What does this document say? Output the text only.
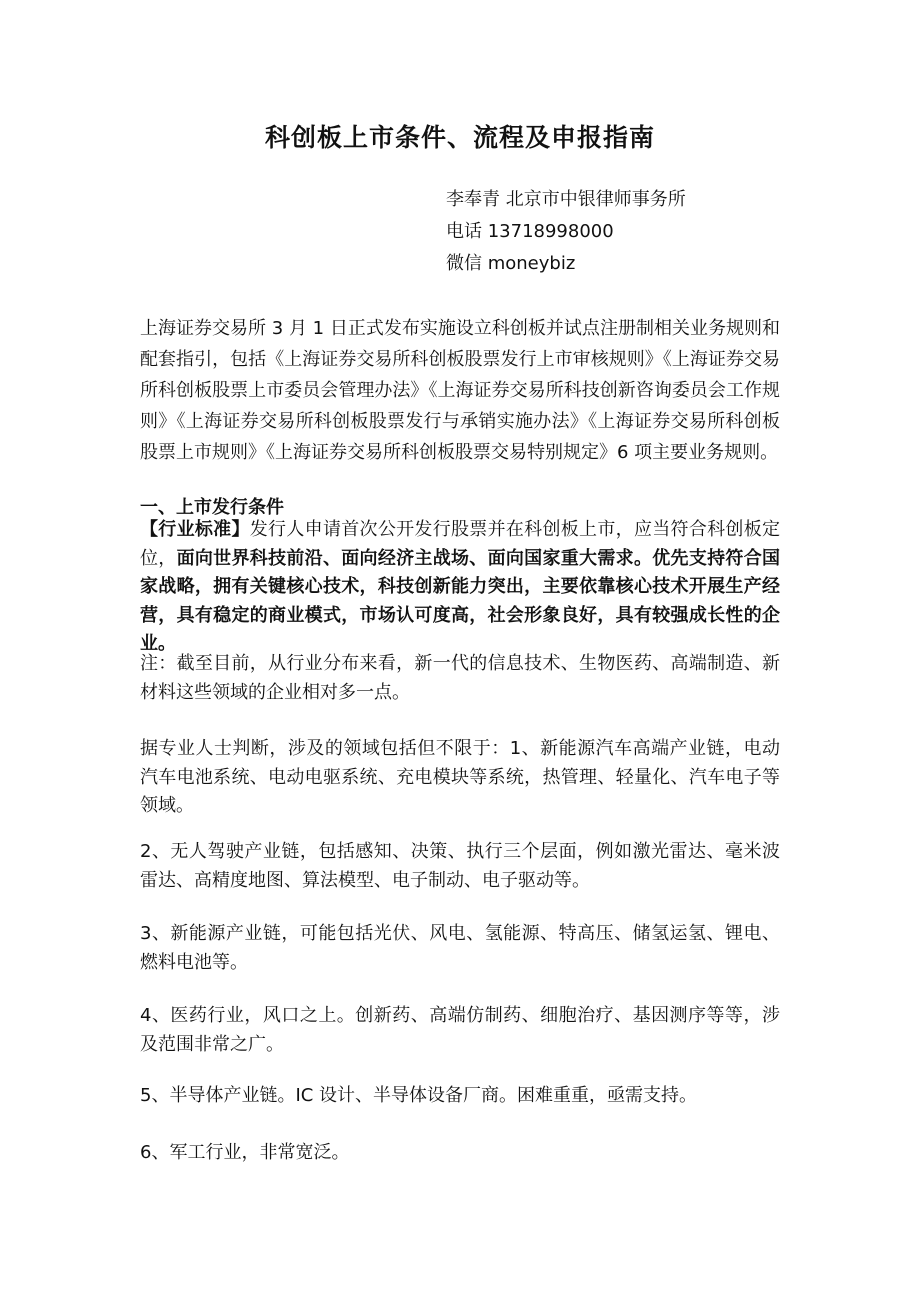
科创板上市条件、流程及申报指南
李奉青 北京市中银律师事务所
电话 13718998000
微信 moneybiz

上海证券交易所 3 月 1 日正式发布实施设立科创板并试点注册制相关业务规则和配套指引，包括《上海证券交易所科创板股票发行上市审核规则》《上海证券交易所科创板股票上市委员会管理办法》《上海证券交易所科技创新咨询委员会工作规则》《上海证券交易所科创板股票发行与承销实施办法》《上海证券交易所科创板股票上市规则》《上海证券交易所科创板股票交易特别规定》6 项主要业务规则。

一、上市发行条件

【行业标准】发行人申请首次公开发行股票并在科创板上市，应当符合科创板定位，面向世界科技前沿、面向经济主战场、面向国家重大需求。优先支持符合国家战略，拥有关键核心技术，科技创新能力突出，主要依靠核心技术开展生产经营，具有稳定的商业模式，市场认可度高，社会形象良好，具有较强成长性的企业。

注：截至目前，从行业分布来看，新一代的信息技术、生物医药、高端制造、新材料这些领域的企业相对多一点。

据专业人士判断，涉及的领域包括但不限于：1、新能源汽车高端产业链，电动汽车电池系统、电动电驱系统、充电模块等系统，热管理、轻量化、汽车电子等领域。

2、无人驾驶产业链，包括感知、决策、执行三个层面，例如激光雷达、毫米波雷达、高精度地图、算法模型、电子制动、电子驱动等。

3、新能源产业链，可能包括光伏、风电、氢能源、特高压、储氢运氢、锂电、燃料电池等。

4、医药行业，风口之上。创新药、高端仿制药、细胞治疗、基因测序等等，涉及范围非常之广。

5、半导体产业链。IC 设计、半导体设备厂商。困难重重，亟需支持。

6、军工行业，非常宽泛。
